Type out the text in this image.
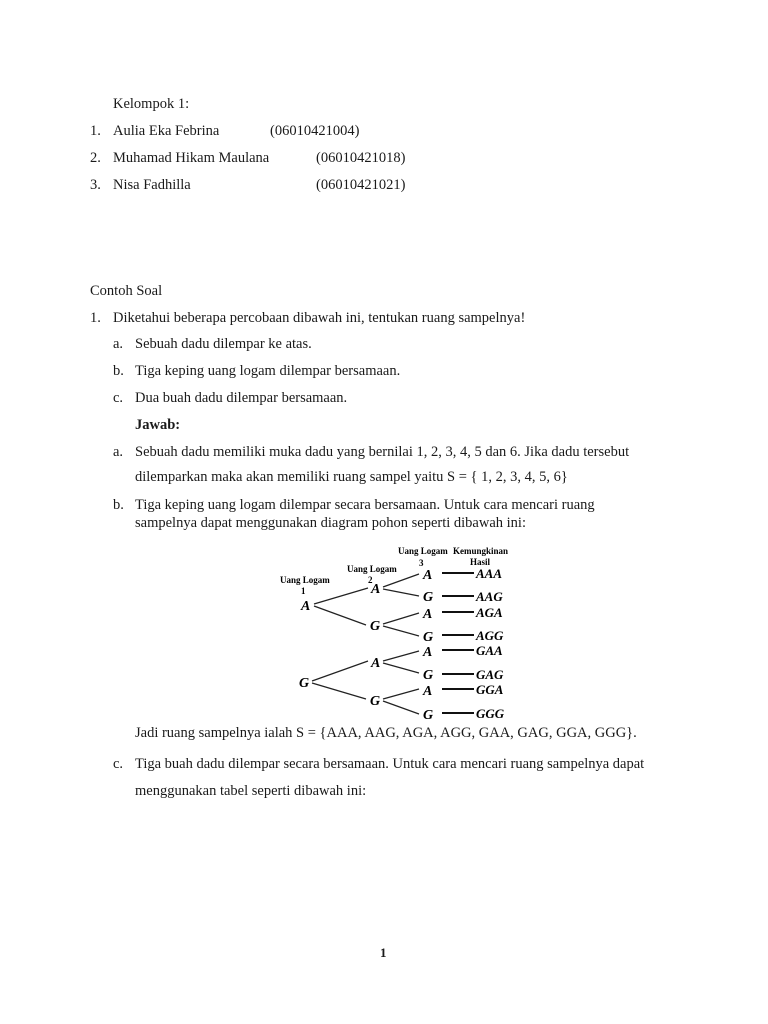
Kelompok 1:
1. Aulia Eka Febrina	(06010421004)
2. Muhamad Hikam Maulana	(06010421018)
3. Nisa Fadhilla	(06010421021)
Contoh Soal
1. Diketahui beberapa percobaan dibawah ini, tentukan ruang sampelnya!
a. Sebuah dadu dilempar ke atas.
b. Tiga keping uang logam dilempar bersamaan.
c. Dua buah dadu dilempar bersamaan.
Jawab:
a. Sebuah dadu memiliki muka dadu yang bernilai 1, 2, 3, 4, 5 dan 6. Jika dadu tersebut
dilemparkan maka akan memiliki ruang sampel yaitu S = { 1, 2, 3, 4, 5, 6}
b. Tiga keping uang logam dilempar secara bersamaan. Untuk cara mencari ruang
sampelnya dapat menggunakan diagram pohon seperti dibawah ini:
Uang Logam
1
Uang Logam
2
Uang Logam
3
Kemungkinan
Hasil
A
G
A
G
A
G
A
G
A
G
A
G
A
G
AAA
AAG
AGA
AGG
GAA
GAG
GGA
GGG
Jadi ruang sampelnya ialah S = {AAA, AAG, AGA, AGG, GAA, GAG, GGA, GGG}.
c. Tiga buah dadu dilempar secara bersamaan. Untuk cara mencari ruang sampelnya dapat
menggunakan tabel seperti dibawah ini:
1
